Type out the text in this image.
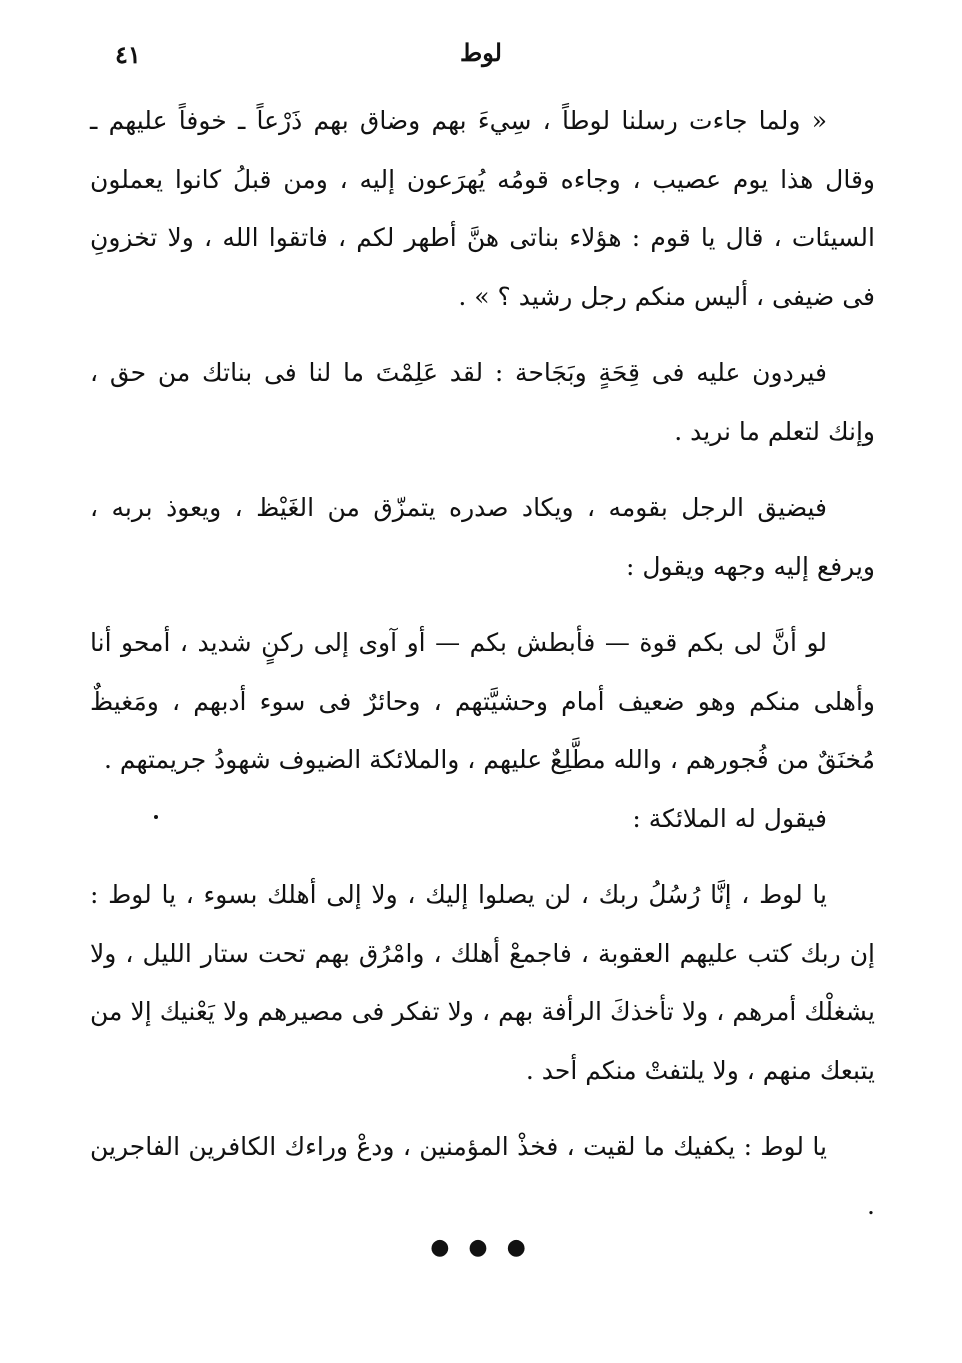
لوط
٤١

« ولما جاءت رسلنا لوطاً ، سِيءَ بهم وضاق بهم ذَرْعاً ـ خوفاً عليهم ـ وقال هذا يوم عصيب ، وجاءه قومُه يُهرَعون إليه ، ومن قبلُ كانوا يعملون السيئات ، قال يا قوم : هؤلاء بناتى هنَّ أطهر لكم ، فاتقوا الله ، ولا تخزونِ فى ضيفى ، أليس منكم رجل رشيد ؟ » .

فيردون عليه فى قِحَةٍ وبَجَاحة : لقد عَلِمْتَ ما لنا فى بناتك من حق ، وإنك لتعلم ما نريد .

فيضيق الرجل بقومه ، ويكاد صدره يتمزّق من الغَيْظ ، ويعوذ بربه ، ويرفع إليه وجهه ويقول :

لو أنَّ لى بكم قوة — فأبطش بكم — أو آوى إلى ركنٍ شديد ، أمحو أنا وأهلى منكم وهو ضعيف أمام وحشيَّتهم ، وحائرٌ فى سوء أدبهم ، ومَغيظٌ مُخنَقٌ من فُجورهم ، والله مطَّلِعٌ عليهم ، والملائكة الضيوف شهودُ جريمتهم .

فيقول له الملائكة :

يا لوط ، إنَّا رُسُلُ ربك ، لن يصلوا إليك ، ولا إلى أهلك بسوء ، يا لوط : إن ربك كتب عليهم العقوبة ، فاجمعْ أهلك ، وامْرُق بهم تحت ستار الليل ، ولا يشغلْك أمرهم ، ولا تأخذكَ الرأفة بهم ، ولا تفكر فى مصيرهم ولا يَعْنيك إلا من يتبعك منهم ، ولا يلتفتْ منكم أحد .

يا لوط : يكفيك ما لقيت ، فخذْ المؤمنين ، ودعْ وراءك الكافرين الفاجرين .

● ● ●
